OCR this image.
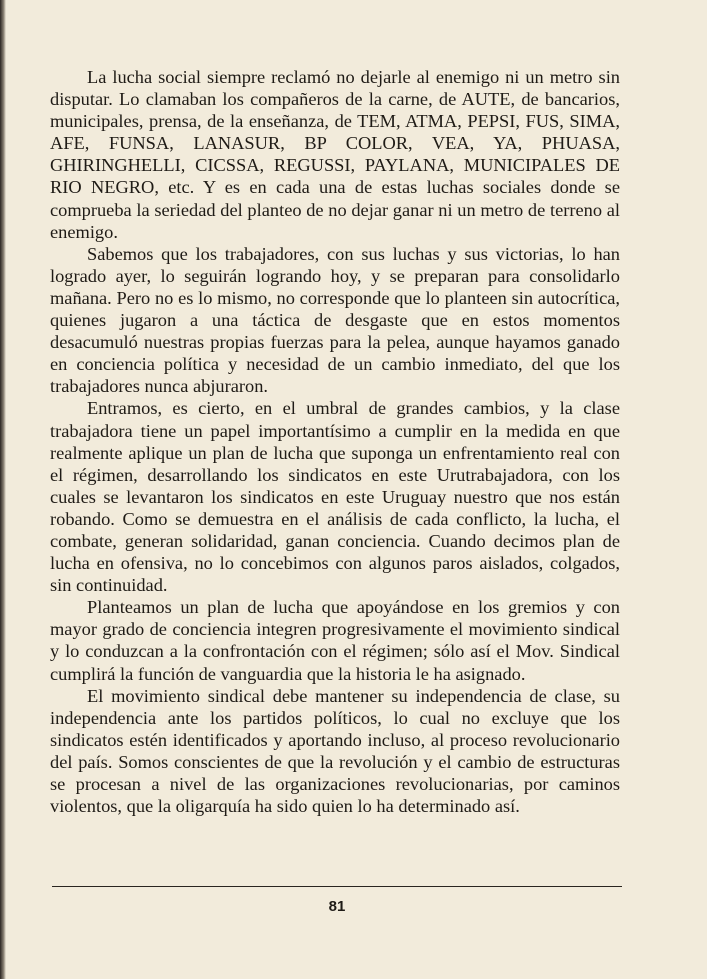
La lucha social siempre reclamó no dejarle al enemigo ni un metro sin disputar. Lo clamaban los compañeros de la carne, de AUTE, de bancarios, municipales, prensa, de la enseñanza, de TEM, ATMA, PEPSI, FUS, SIMA, AFE, FUNSA, LANASUR, BP COLOR, VEA, YA, PHUASA, GHIRINGHELLI, CICSSA, REGUSSI, PAYLANA, MUNICIPALES DE RIO NEGRO, etc. Y es en cada una de estas luchas sociales donde se comprueba la seriedad del planteo de no dejar ganar ni un metro de terreno al enemigo.

Sabemos que los trabajadores, con sus luchas y sus victorias, lo han logrado ayer, lo seguirán logrando hoy, y se preparan para consolidarlo mañana. Pero no es lo mismo, no corresponde que lo planteen sin autocrítica, quienes jugaron a una táctica de desgaste que en estos momentos desacumuló nuestras propias fuerzas para la pelea, aunque hayamos ganado en conciencia política y necesidad de un cambio inmediato, del que los trabajadores nunca abjuraron.

Entramos, es cierto, en el umbral de grandes cambios, y la clase trabajadora tiene un papel importantísimo a cumplir en la medida en que realmente aplique un plan de lucha que suponga un enfrentamiento real con el régimen, desarrollando los sindicatos en este Urutrabajadora, con los cuales se levantaron los sindicatos en este Uruguay nuestro que nos están robando. Como se demuestra en el análisis de cada conflicto, la lucha, el combate, generan solidaridad, ganan conciencia. Cuando decimos plan de lucha en ofensiva, no lo concebimos con algunos paros aislados, colgados, sin continuidad.

Planteamos un plan de lucha que apoyándose en los gremios y con mayor grado de conciencia integren progresivamente el movimiento sindical y lo conduzcan a la confrontación con el régimen; sólo así el Mov. Sindical cumplirá la función de vanguardia que la historia le ha asignado.

El movimiento sindical debe mantener su independencia de clase, su independencia ante los partidos políticos, lo cual no excluye que los sindicatos estén identificados y aportando incluso, al proceso revolucionario del país. Somos conscientes de que la revolución y el cambio de estructuras se procesan a nivel de las organizaciones revolucionarias, por caminos violentos, que la oligarquía ha sido quien lo ha determinado así.

81
